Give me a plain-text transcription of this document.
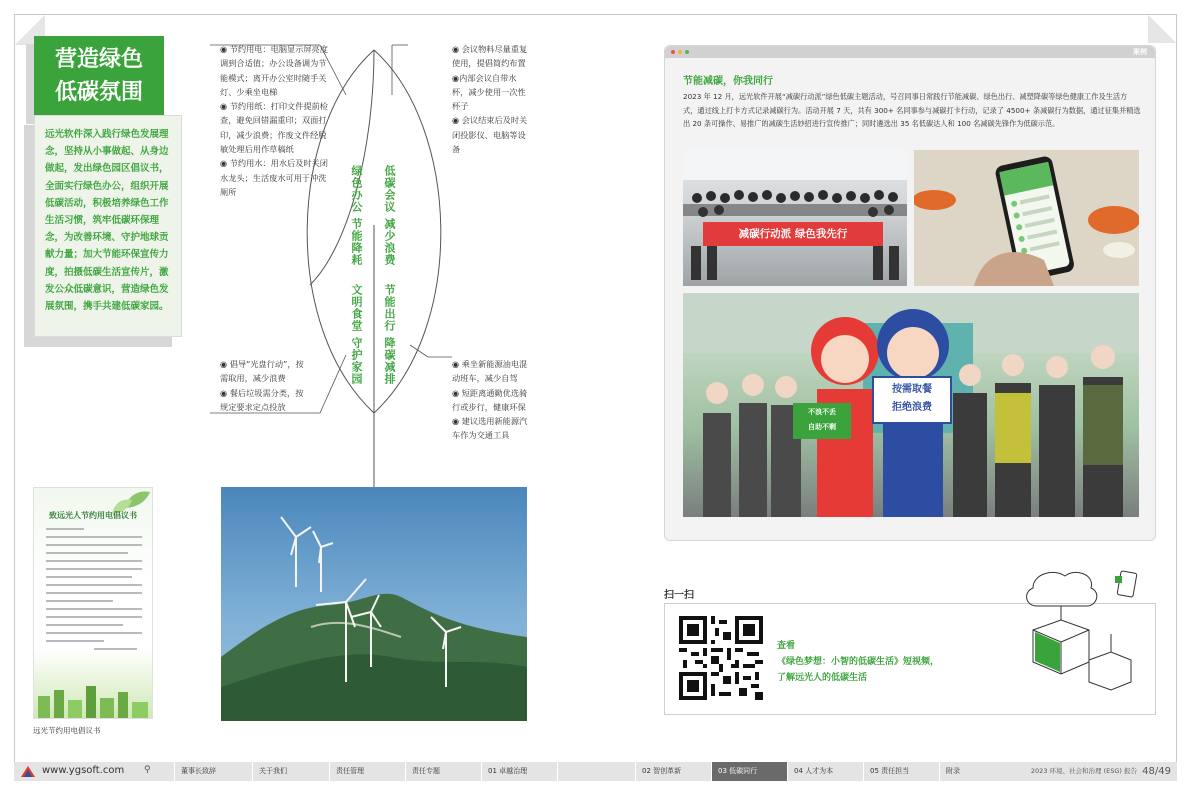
营造绿色
低碳氛围
远光软件深入践行绿色发展理念，坚持从小事做起、从身边做起，发出绿色园区倡议书，全面实行绿色办公，组织开展低碳活动，积极培养绿色工作生活习惯，筑牢低碳环保理念，为改善环境、守护地球贡献力量；加大节能环保宣传力度，拍摄低碳生活宣传片，激发公众低碳意识，营造绿色发展氛围，携手共建低碳家园。
◉ 节约用电：电脑显示屏亮度调到合适值；办公设备调为节能模式；离开办公室时随手关灯、少乘坐电梯
◉ 节约用纸：打印文件提前检查，避免回错漏重印；双面打印，减少浪费；作废文件经脱敏处理后用作草稿纸
◉ 节约用水：用水后及时关闭水龙头；生活废水可用于冲洗厕所
◉ 会议物料尽量重复使用，提倡简约布置
◉内部会议自带水杯，减少使用一次性杯子
◉ 会议结束后及时关闭投影仪、电脑等设备
◉ 倡导“光盘行动”，按需取用，减少浪费
◉ 餐后垃圾需分类，按规定要求定点投放
◉ 乘坐新能源油电混动班车，减少自驾
◉ 短距离通勤优选骑行或步行，健康环保
◉ 建议选用新能源汽车作为交通工具
绿色办公 节能降耗 低碳会议 减少浪费
文明食堂 守护家园 节能出行 降碳减排
致远光人节约用电倡议书
远光节约用电倡议书
案例
节能减碳，你我同行
2023 年 12 月，远光软件开展“减碳行动派”绿色低碳主题活动，号召同事日常践行节能减碳、绿色出行、减塑降碳等绿色健康工作及生活方式，通过线上打卡方式记录减碳行为。活动开展 7 天，共有 300+ 名同事参与减碳打卡行动，记录了 4500+ 条减碳行为数据，通过征集并精选出 20 条可操作、易推广的减碳生活妙招进行宣传推广；同时遴选出 35 名低碳达人和 100 名减碳先锋作为低碳示范。
减碳行动派 绿色我先行
按需取餐
拒绝浪费
不浪不丢
自助不剩
扫一扫
查看
《绿色梦想：小智的低碳生活》短视频，
了解远光人的低碳生活
www.ygsoft.com ⚲	董事长致辞	关于我们	责任管理	责任专题	01 卓越治理	02 智创革新	03 低碳同行	04 人才为本	05 责任担当	附录	2023 环境、社会和治理 (ESG) 报告 48/49
